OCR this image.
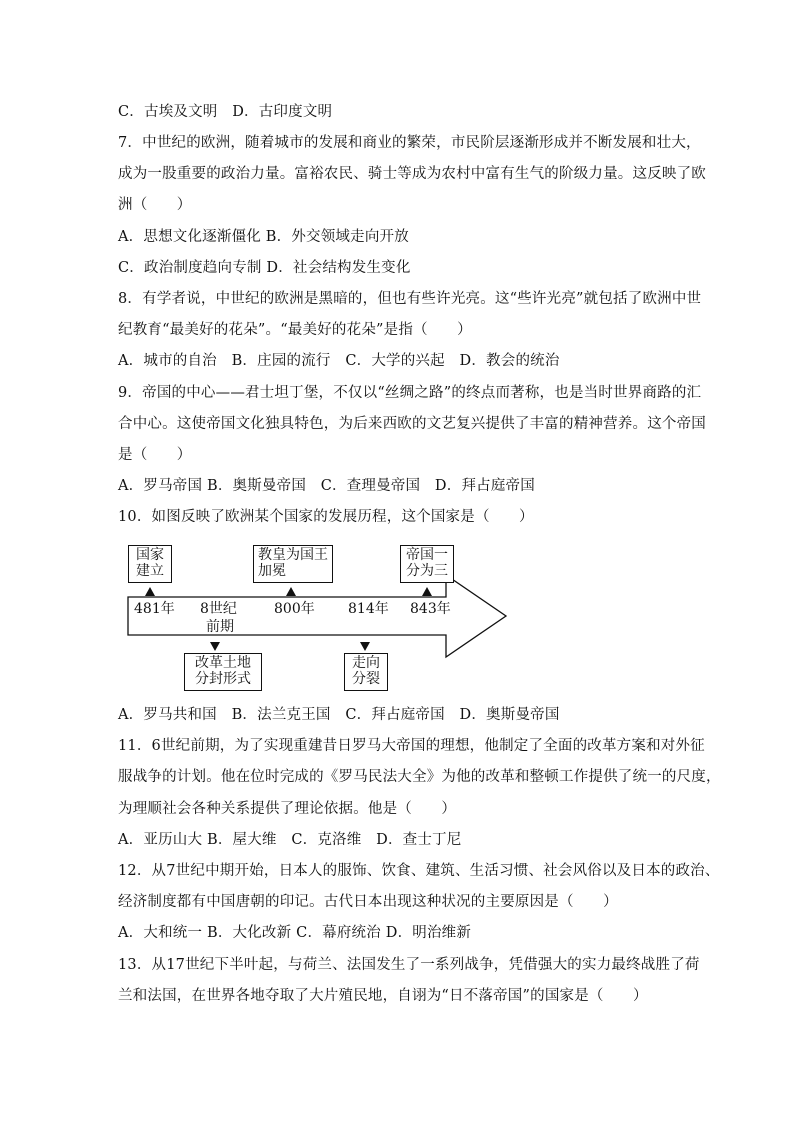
C．古埃及文明　D．古印度文明
7．中世纪的欧洲，随着城市的发展和商业的繁荣，市民阶层逐渐形成并不断发展和壮大，
成为一股重要的政治力量。富裕农民、骑士等成为农村中富有生气的阶级力量。这反映了欧
洲（　　）
A．思想文化逐渐僵化 B．外交领域走向开放
C．政治制度趋向专制 D．社会结构发生变化
8．有学者说，中世纪的欧洲是黑暗的，但也有些许光亮。这“些许光亮”就包括了欧洲中世
纪教育“最美好的花朵”。“最美好的花朵”是指（　　）
A．城市的自治　B．庄园的流行　C．大学的兴起　D．教会的统治
9．帝国的中心——君士坦丁堡，不仅以“丝绸之路”的终点而著称，也是当时世界商路的汇
合中心。这使帝国文化独具特色，为后来西欧的文艺复兴提供了丰富的精神营养。这个帝国
是（　　）
A．罗马帝国 B．奥斯曼帝国　C．查理曼帝国　D．拜占庭帝国
10．如图反映了欧洲某个国家的发展历程，这个国家是（　　）
国家
建立
教皇为国王
加冕
帝国一
分为三
481年 8世纪
前期
800年 814年 843年
改革土地
分封形式
走向
分裂
A．罗马共和国　B．法兰克王国　C．拜占庭帝国　D．奥斯曼帝国
11．6世纪前期，为了实现重建昔日罗马大帝国的理想，他制定了全面的改革方案和对外征
服战争的计划。他在位时完成的《罗马民法大全》为他的改革和整顿工作提供了统一的尺度，
为理顺社会各种关系提供了理论依据。他是（　　）
A．亚历山大 B．屋大维　C．克洛维　D．查士丁尼
12．从7世纪中期开始，日本人的服饰、饮食、建筑、生活习惯、社会风俗以及日本的政治、
经济制度都有中国唐朝的印记。古代日本出现这种状况的主要原因是（　　）
A．大和统一 B．大化改新 C．幕府统治 D．明治维新
13．从17世纪下半叶起，与荷兰、法国发生了一系列战争，凭借强大的实力最终战胜了荷
兰和法国，在世界各地夺取了大片殖民地，自诩为“日不落帝国”的国家是（　　）
